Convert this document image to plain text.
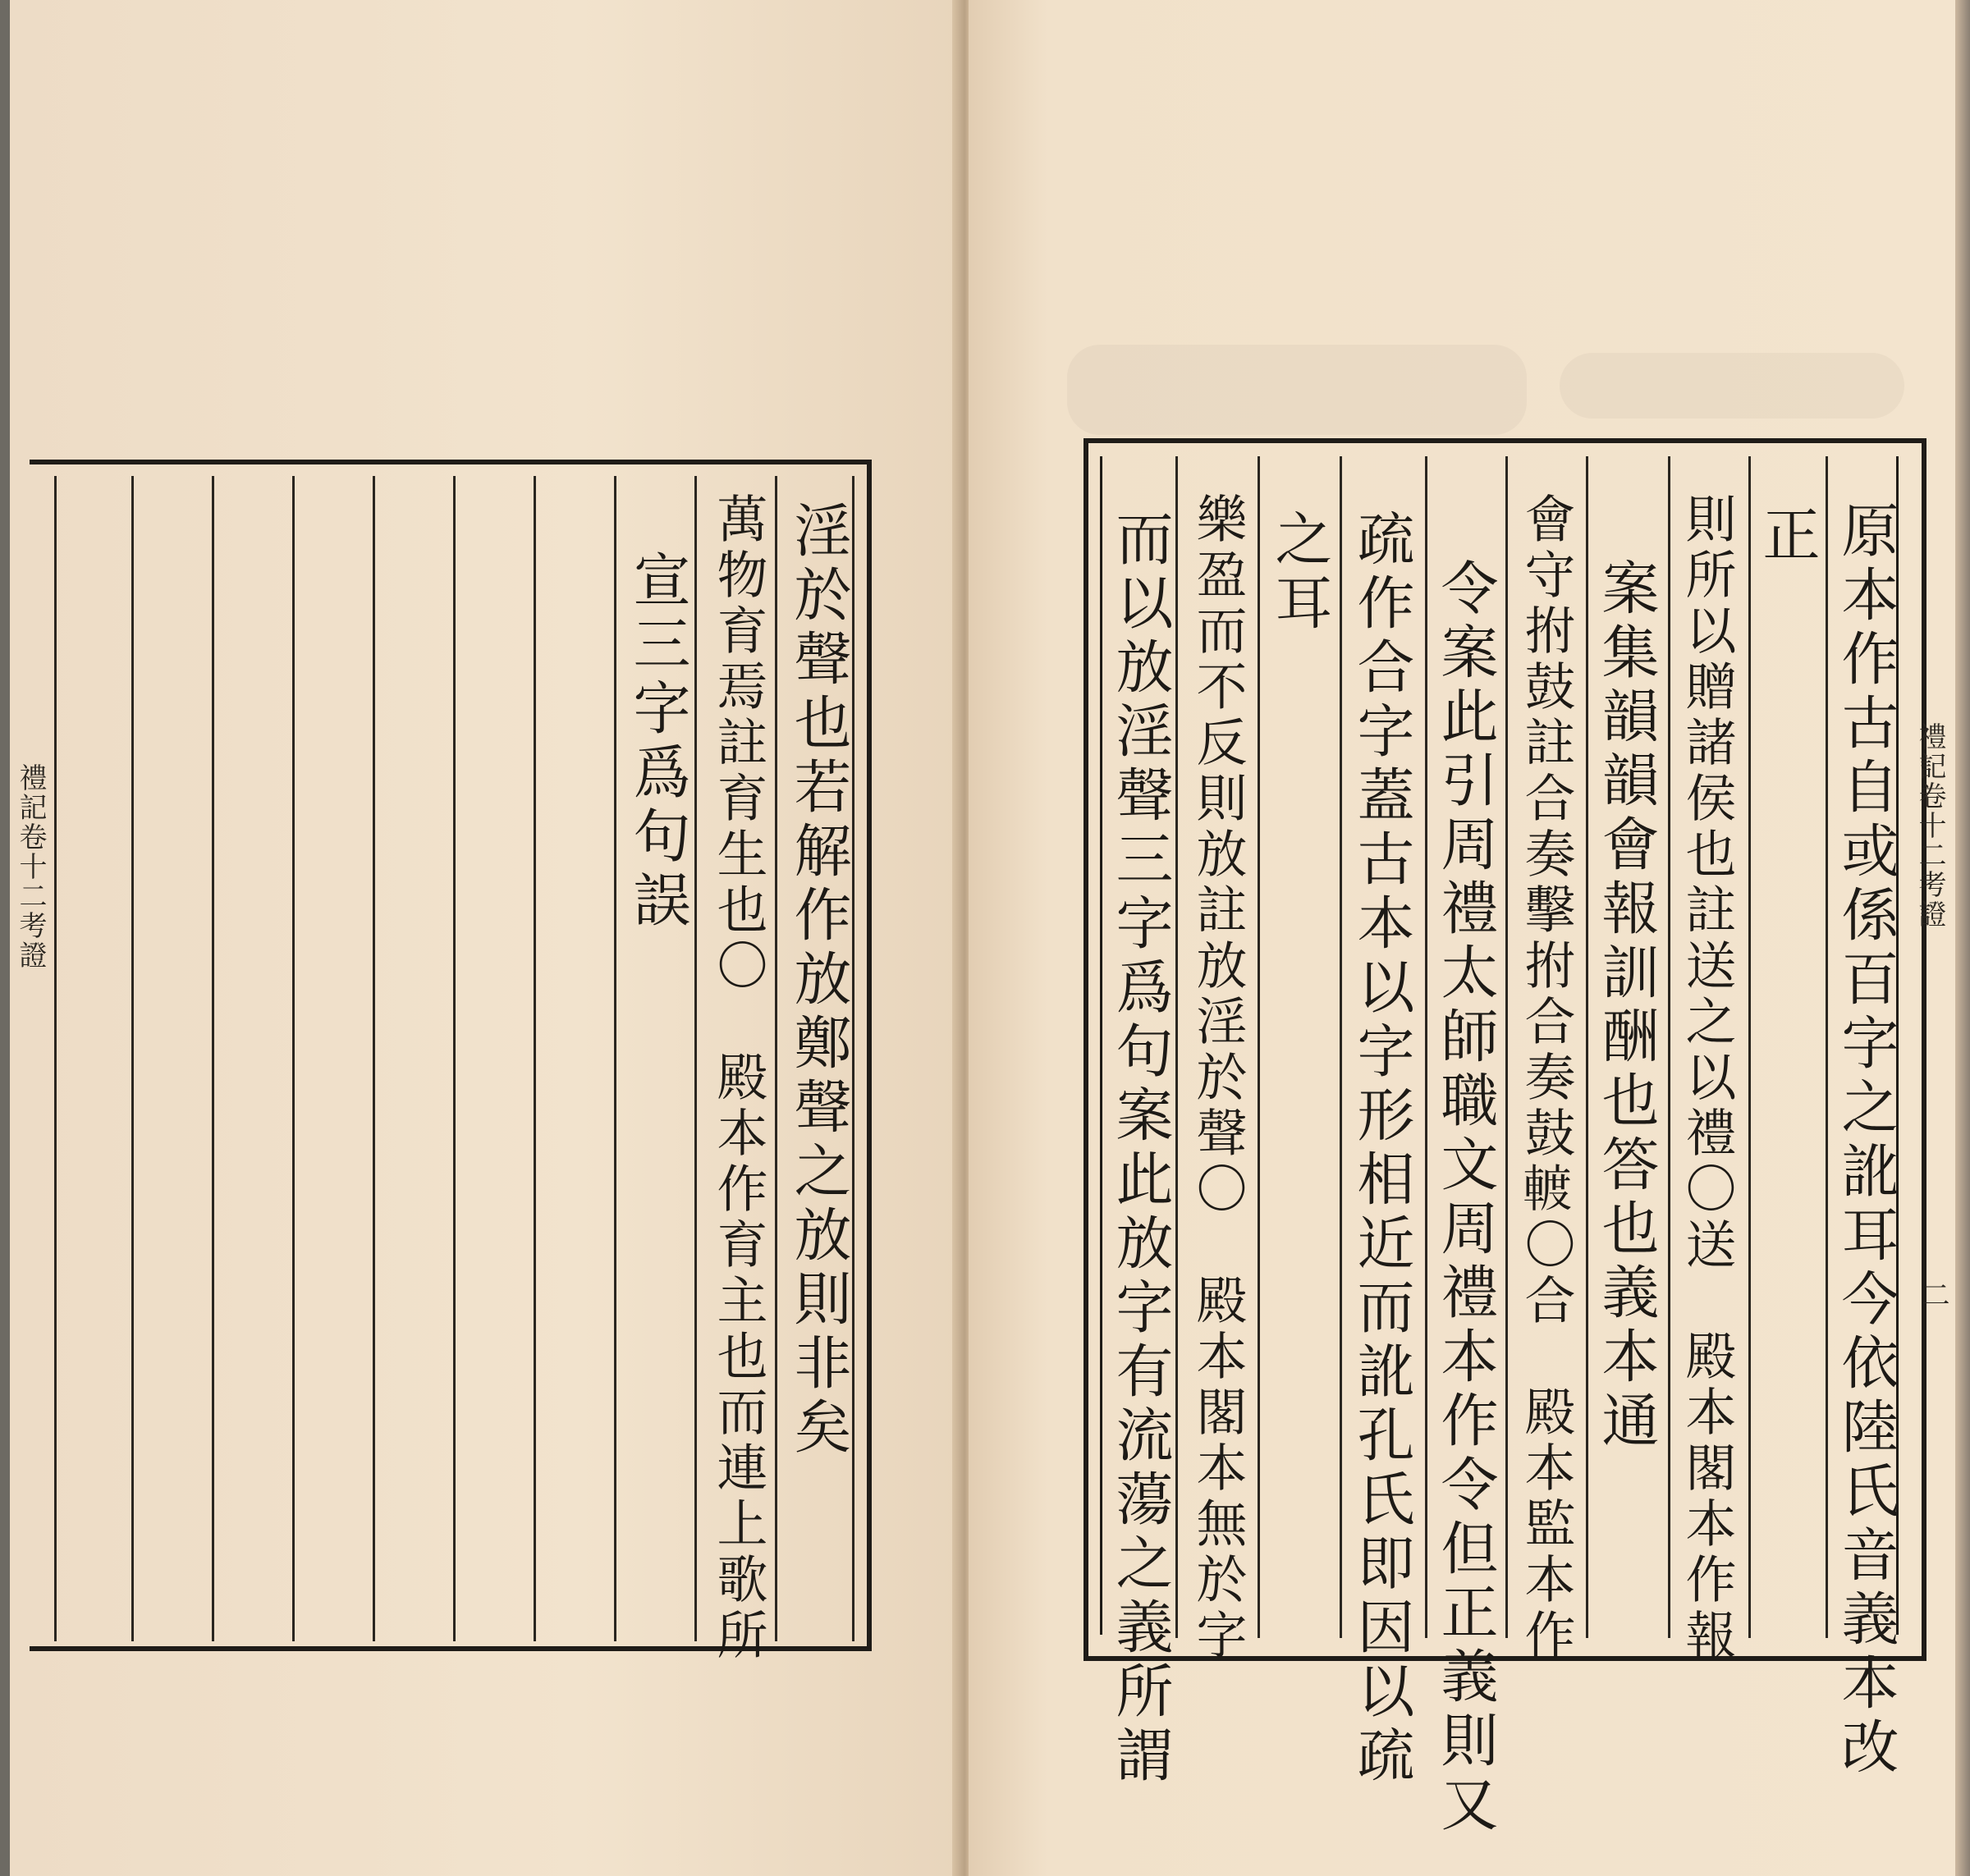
禮記卷十二考證	淫於聲也若解作放鄭聲之放則非矣
萬物育焉註育生也〇　殿本作育主也而連上歌所
宣三字爲句誤	禮記卷十二考證
二
原本作古自或係百字之訛耳今依陸氏音義本改
正
則所以贈諸侯也註送之以禮〇送　殿本閣本作報
案集韻韻會報訓酬也答也義本通
會守拊鼓註合奏擊拊合奏鼓𨍏〇合　殿本監本作
令案此引周禮太師職文周禮本作令但正義則又
疏作合字蓋古本以字形相近而訛孔氏即因以疏
之耳
樂盈而不反則放註放淫於聲〇　殿本閣本無於字
而以放淫聲三字爲句案此放字有流蕩之義所謂
